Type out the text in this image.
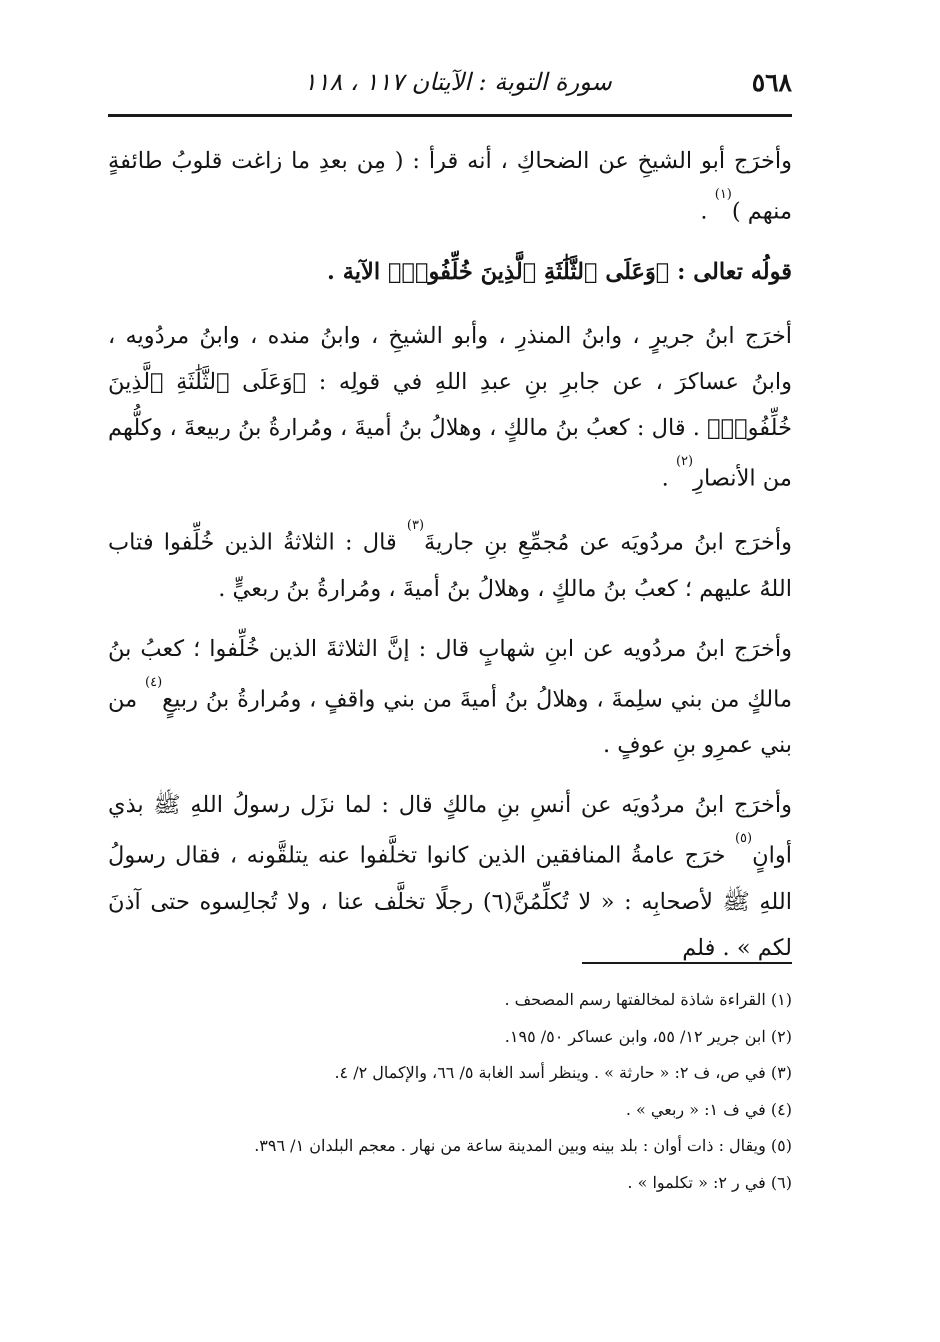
٥٦٨
سورة التوبة : الآيتان ١١٧ ، ١١٨

وأخرَج أبو الشيخِ عن الضحاكِ ، أنه قرأ : ( مِن بعدِ ما زاغت قلوبُ طائفةٍ منهم )$^{(١)}$ .

قولُه تعالى : ﴿وَعَلَى ٱلثَّلَٰثَةِ ٱلَّذِينَ خُلِّفُوا۟﴾ الآية .

أخرَج ابنُ جريرٍ ، وابنُ المنذرِ ، وأبو الشيخِ ، وابنُ منده ، وابنُ مردُويه ، وابنُ عساكرَ ، عن جابرِ بنِ عبدِ اللهِ في قولِه : ﴿وَعَلَى ٱلثَّلَٰثَةِ ٱلَّذِينَ خُلِّفُوا۟﴾ . قال : كعبُ بنُ مالكٍ ، وهلالُ بنُ أميةَ ، ومُرارةُ بنُ ربيعةَ ، وكلُّهم من الأنصارِ$^{(٢)}$ .

وأخرَج ابنُ مردُويَه عن مُجمِّعِ بنِ جاريةَ$^{(٣)}$ قال : الثلاثةُ الذين خُلِّفوا فتاب اللهُ عليهم ؛ كعبُ بنُ مالكٍ ، وهلالُ بنُ أميةَ ، ومُرارةُ بنُ ربعيٍّ .

وأخرَج ابنُ مردُويه عن ابنِ شهابٍ قال : إنَّ الثلاثةَ الذين خُلِّفوا ؛ كعبُ بنُ مالكٍ من بني سلِمةَ ، وهلالُ بنُ أميةَ من بني واقفٍ ، ومُرارةُ بنُ ربيعٍ$^{(٤)}$ من بني عمرِو بنِ عوفٍ .

وأخرَج ابنُ مردُويَه عن أنسِ بنِ مالكٍ قال : لما نزَل رسولُ اللهِ ﷺ بذي أوانٍ$^{(٥)}$ خرَج عامةُ المنافقين الذين كانوا تخلَّفوا عنه يتلقَّونه ، فقال رسولُ اللهِ ﷺ لأصحابِه : « لا تُكلِّمُنَّ(٦) رجلًا تخلَّف عنا ، ولا تُجالِسوه حتى آذنَ لكم » . فلم

(١) القراءة شاذة لمخالفتها رسم المصحف .

(٢) ابن جرير ١٢/ ٥٥، وابن عساكر ٥٠/ ١٩٥.

(٣) في ص، ف ٢: « حارثة » . وينظر أسد الغابة ٥/ ٦٦، والإكمال ٢/ ٤.

(٤) في ف ١: « ربعي » .

(٥) ويقال : ذات أوان : بلد بينه وبين المدينة ساعة من نهار . معجم البلدان ١/ ٣٩٦.

(٦) في ر ٢: « تكلموا » .
